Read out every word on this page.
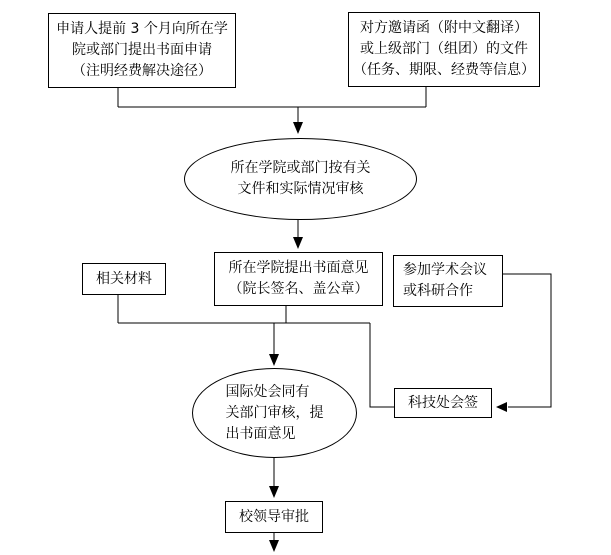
申请人提前 3 个月向所在学
院或部门提出书面申请
（注明经费解决途径）
对方邀请函（附中文翻译）
或上级部门（组团）的文件
（任务、期限、经费等信息）
所在学院或部门按有关
文件和实际情况审核
相关材料
所在学院提出书面意见
（院长签名、盖公章）
参加学术会议
或科研合作
国际处会同有
关部门审核，提
出书面意见
科技处会签
校领导审批
